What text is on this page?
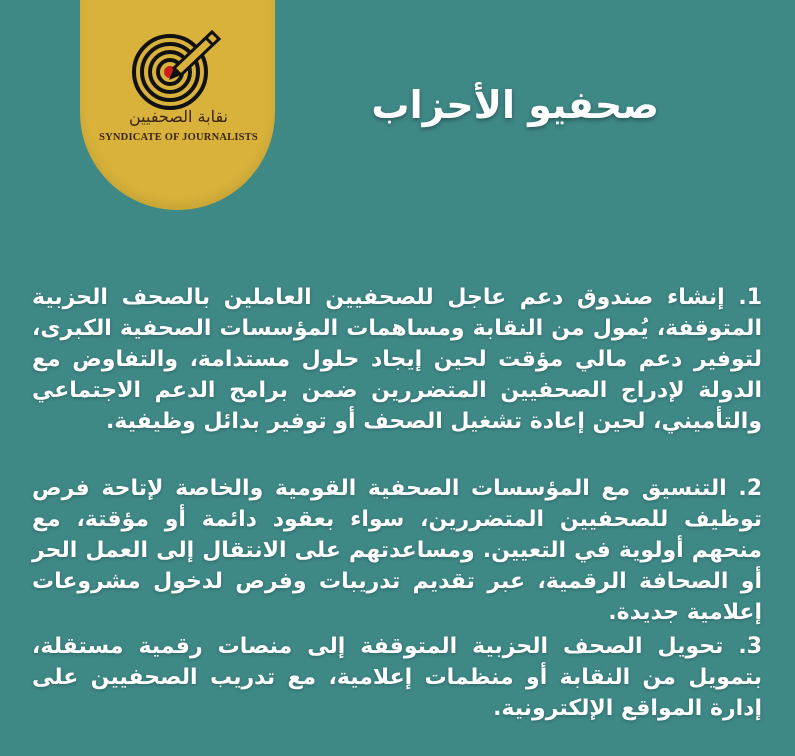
نقابة الصحفيين
SYNDICATE OF JOURNALISTS
صحفيو الأحزاب
1. إنشاء صندوق دعم عاجل للصحفيين العاملين بالصحف الحزبية المتوقفة، يُمول من النقابة ومساهمات المؤسسات الصحفية الكبرى، لتوفير دعم مالي مؤقت لحين إيجاد حلول مستدامة، والتفاوض مع الدولة لإدراج الصحفيين المتضررين ضمن برامج الدعم الاجتماعي والتأميني، لحين إعادة تشغيل الصحف أو توفير بدائل وظيفية.
2. التنسيق مع المؤسسات الصحفية القومية والخاصة لإتاحة فرص توظيف للصحفيين المتضررين، سواء بعقود دائمة أو مؤقتة، مع منحهم أولوية في التعيين. ومساعدتهم على الانتقال إلى العمل الحر أو الصحافة الرقمية، عبر تقديم تدريبات وفرص لدخول مشروعات إعلامية جديدة.
3. تحويل الصحف الحزبية المتوقفة إلى منصات رقمية مستقلة، بتمويل من النقابة أو منظمات إعلامية، مع تدريب الصحفيين على إدارة المواقع الإلكترونية.
